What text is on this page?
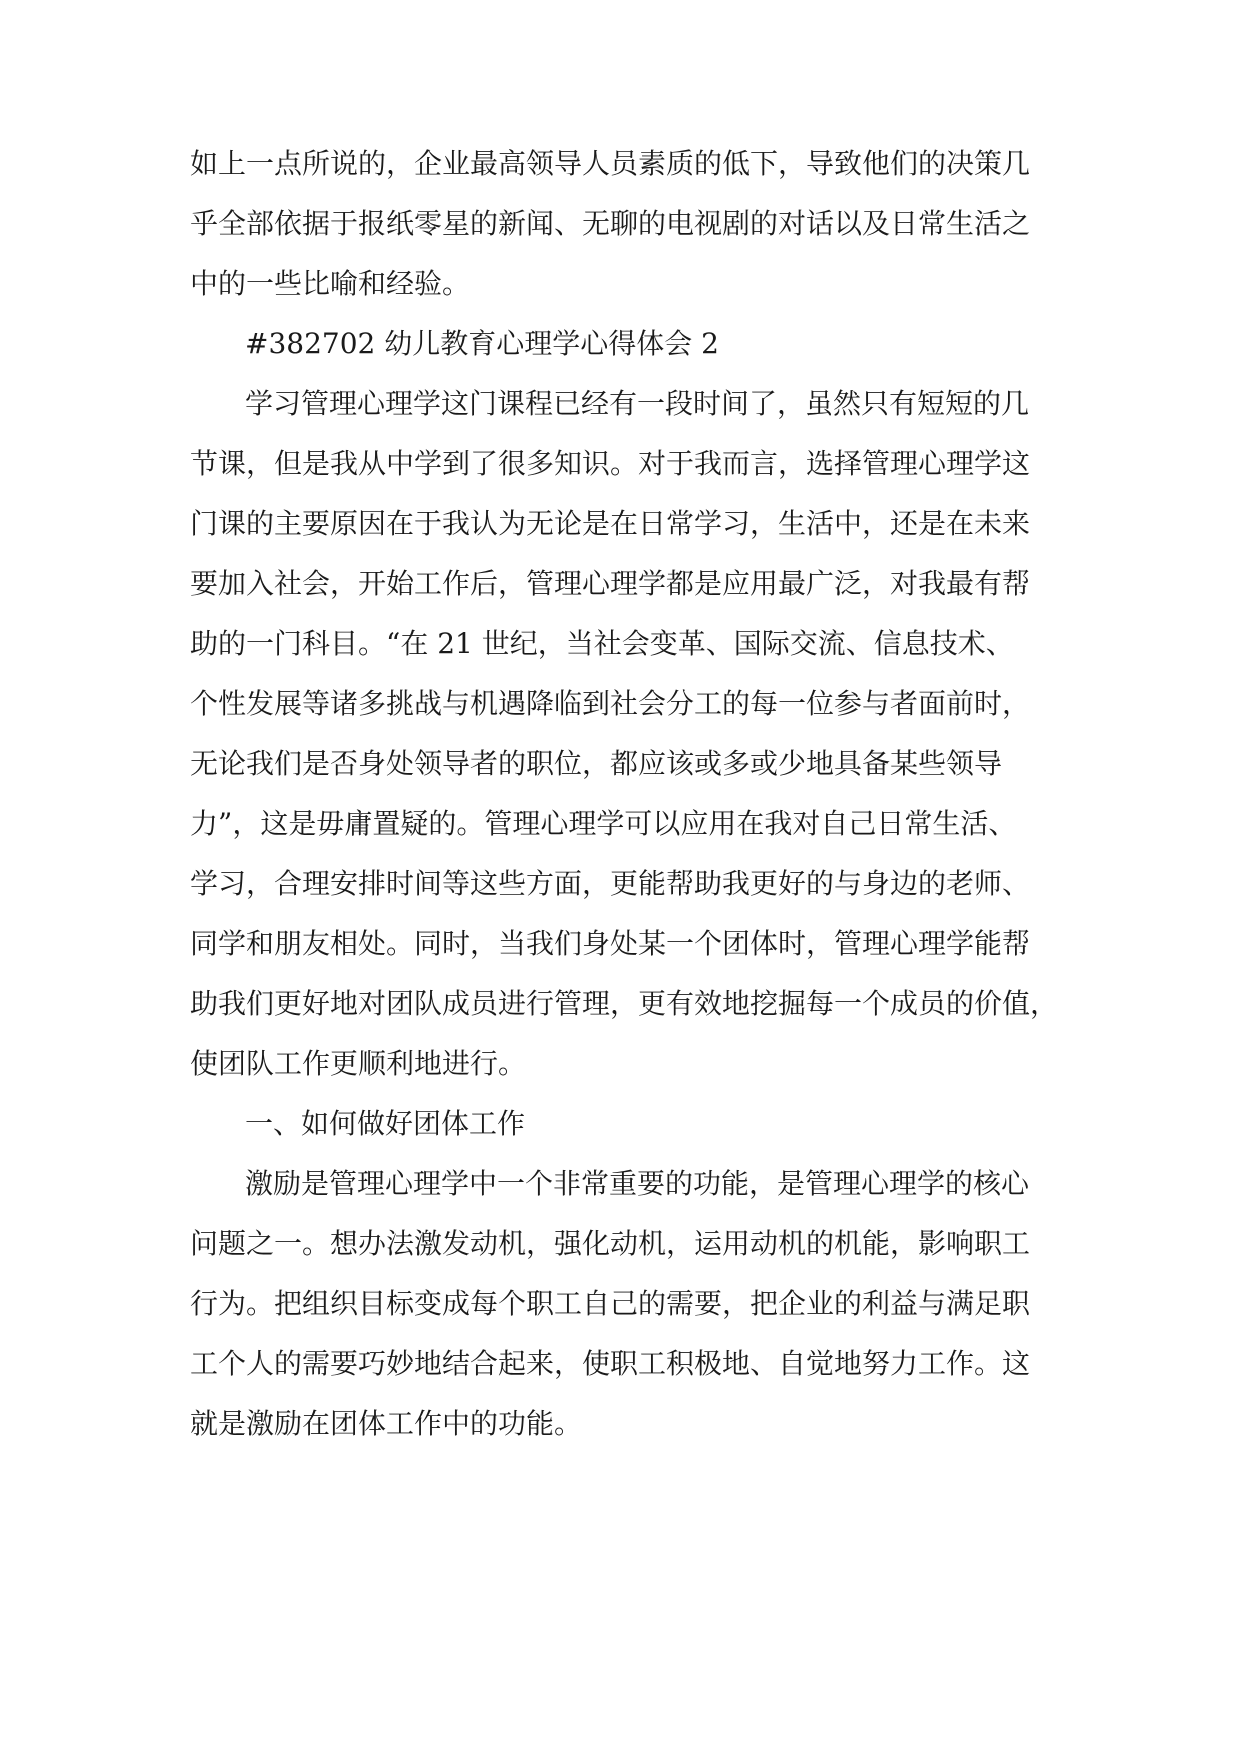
如上一点所说的，企业最高领导人员素质的低下，导致他们的决策几
乎全部依据于报纸零星的新闻、无聊的电视剧的对话以及日常生活之
中的一些比喻和经验。
#382702 幼儿教育心理学心得体会 2
学习管理心理学这门课程已经有一段时间了，虽然只有短短的几
节课，但是我从中学到了很多知识。对于我而言，选择管理心理学这
门课的主要原因在于我认为无论是在日常学习，生活中，还是在未来
要加入社会，开始工作后，管理心理学都是应用最广泛，对我最有帮
助的一门科目。“在 21 世纪，当社会变革、国际交流、信息技术、
个性发展等诸多挑战与机遇降临到社会分工的每一位参与者面前时，
无论我们是否身处领导者的职位，都应该或多或少地具备某些领导
力”，这是毋庸置疑的。管理心理学可以应用在我对自己日常生活、
学习，合理安排时间等这些方面，更能帮助我更好的与身边的老师、
同学和朋友相处。同时，当我们身处某一个团体时，管理心理学能帮
助我们更好地对团队成员进行管理，更有效地挖掘每一个成员的价值，
使团队工作更顺利地进行。
一、如何做好团体工作
激励是管理心理学中一个非常重要的功能，是管理心理学的核心
问题之一。想办法激发动机，强化动机，运用动机的机能，影响职工
行为。把组织目标变成每个职工自己的需要，把企业的利益与满足职
工个人的需要巧妙地结合起来，使职工积极地、自觉地努力工作。这
就是激励在团体工作中的功能。
